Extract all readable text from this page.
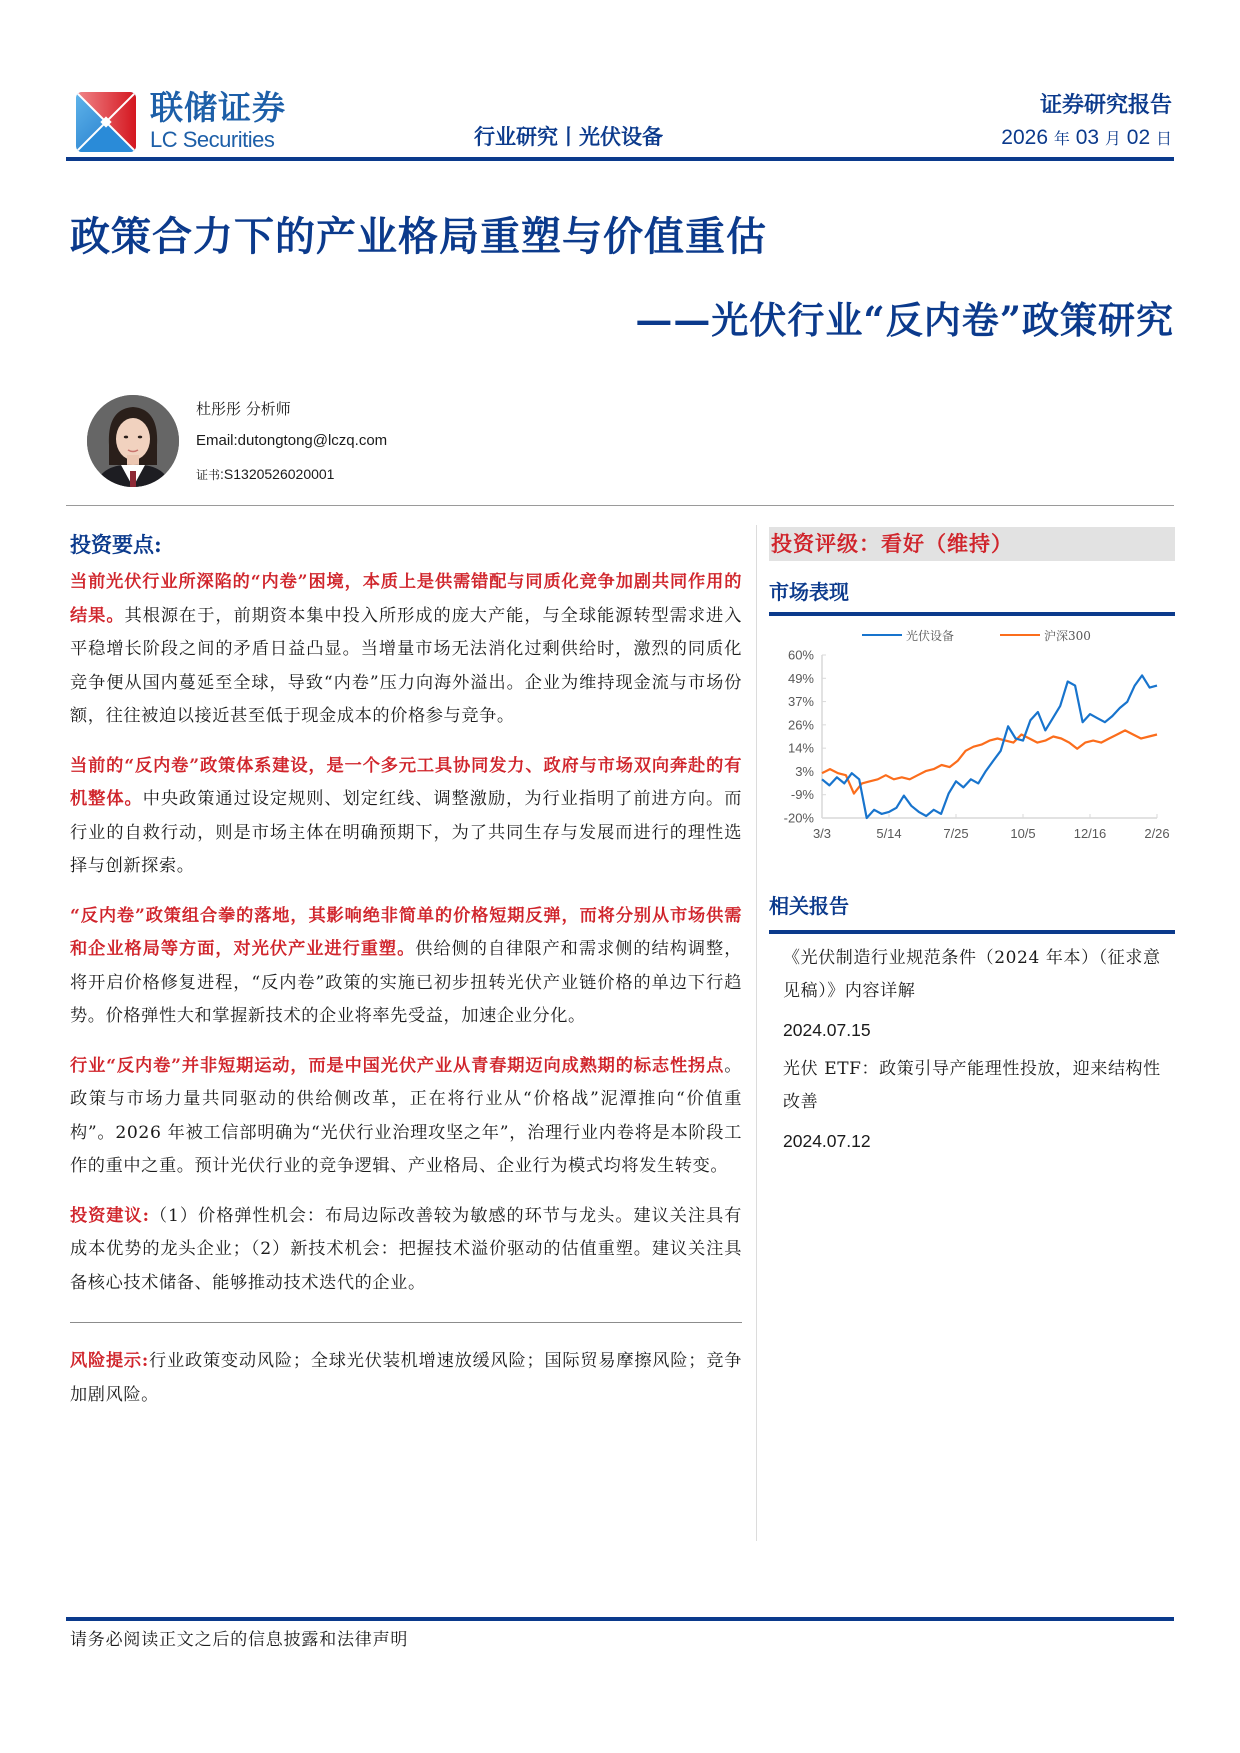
联储证券
LC Securities	行业研究丨光伏设备
证券研究报告
2026 年 03 月 02 日
政策合力下的产业格局重塑与价值重估
——光伏行业“反内卷”政策研究
杜彤彤 分析师
Email:dutongtong@lczq.com
证书:S1320526020001
投资要点:

当前光伏行业所深陷的“内卷”困境，本质上是供需错配与同质化竞争加剧共同作用的结果。其根源在于，前期资本集中投入所形成的庞大产能，与全球能源转型需求进入平稳增长阶段之间的矛盾日益凸显。当增量市场无法消化过剩供给时，激烈的同质化竞争便从国内蔓延至全球，导致“内卷”压力向海外溢出。企业为维持现金流与市场份额，往往被迫以接近甚至低于现金成本的价格参与竞争。

当前的“反内卷”政策体系建设，是一个多元工具协同发力、政府与市场双向奔赴的有机整体。中央政策通过设定规则、划定红线、调整激励，为行业指明了前进方向。而行业的自救行动，则是市场主体在明确预期下，为了共同生存与发展而进行的理性选择与创新探索。

“反内卷”政策组合拳的落地，其影响绝非简单的价格短期反弹，而将分别从市场供需和企业格局等方面，对光伏产业进行重塑。供给侧的自律限产和需求侧的结构调整，将开启价格修复进程，“反内卷”政策的实施已初步扭转光伏产业链价格的单边下行趋势。价格弹性大和掌握新技术的企业将率先受益，加速企业分化。

行业“反内卷”并非短期运动，而是中国光伏产业从青春期迈向成熟期的标志性拐点。政策与市场力量共同驱动的供给侧改革，正在将行业从“价格战”泥潭推向“价值重构”。2026 年被工信部明确为“光伏行业治理攻坚之年”，治理行业内卷将是本阶段工作的重中之重。预计光伏行业的竞争逻辑、产业格局、企业行为模式均将发生转变。

投资建议:（1）价格弹性机会：布局边际改善较为敏感的环节与龙头。建议关注具有成本优势的龙头企业；（2）新技术机会：把握技术溢价驱动的估值重塑。建议关注具备核心技术储备、能够推动技术迭代的企业。

风险提示:行业政策变动风险；全球光伏装机增速放缓风险；国际贸易摩擦风险；竞争加剧风险。

投资评级：看好（维持）
市场表现
光伏设备	沪深300
60%
49%
37%
26%
14%
3%
-9%
-20%
3/3	5/14	7/25	10/5	12/16	2/26
相关报告
《光伏制造行业规范条件（2024 年本）（征求意见稿）》内容详解
2024.07.15
光伏 ETF：政策引导产能理性投放，迎来结构性改善
2024.07.12
请务必阅读正文之后的信息披露和法律声明
